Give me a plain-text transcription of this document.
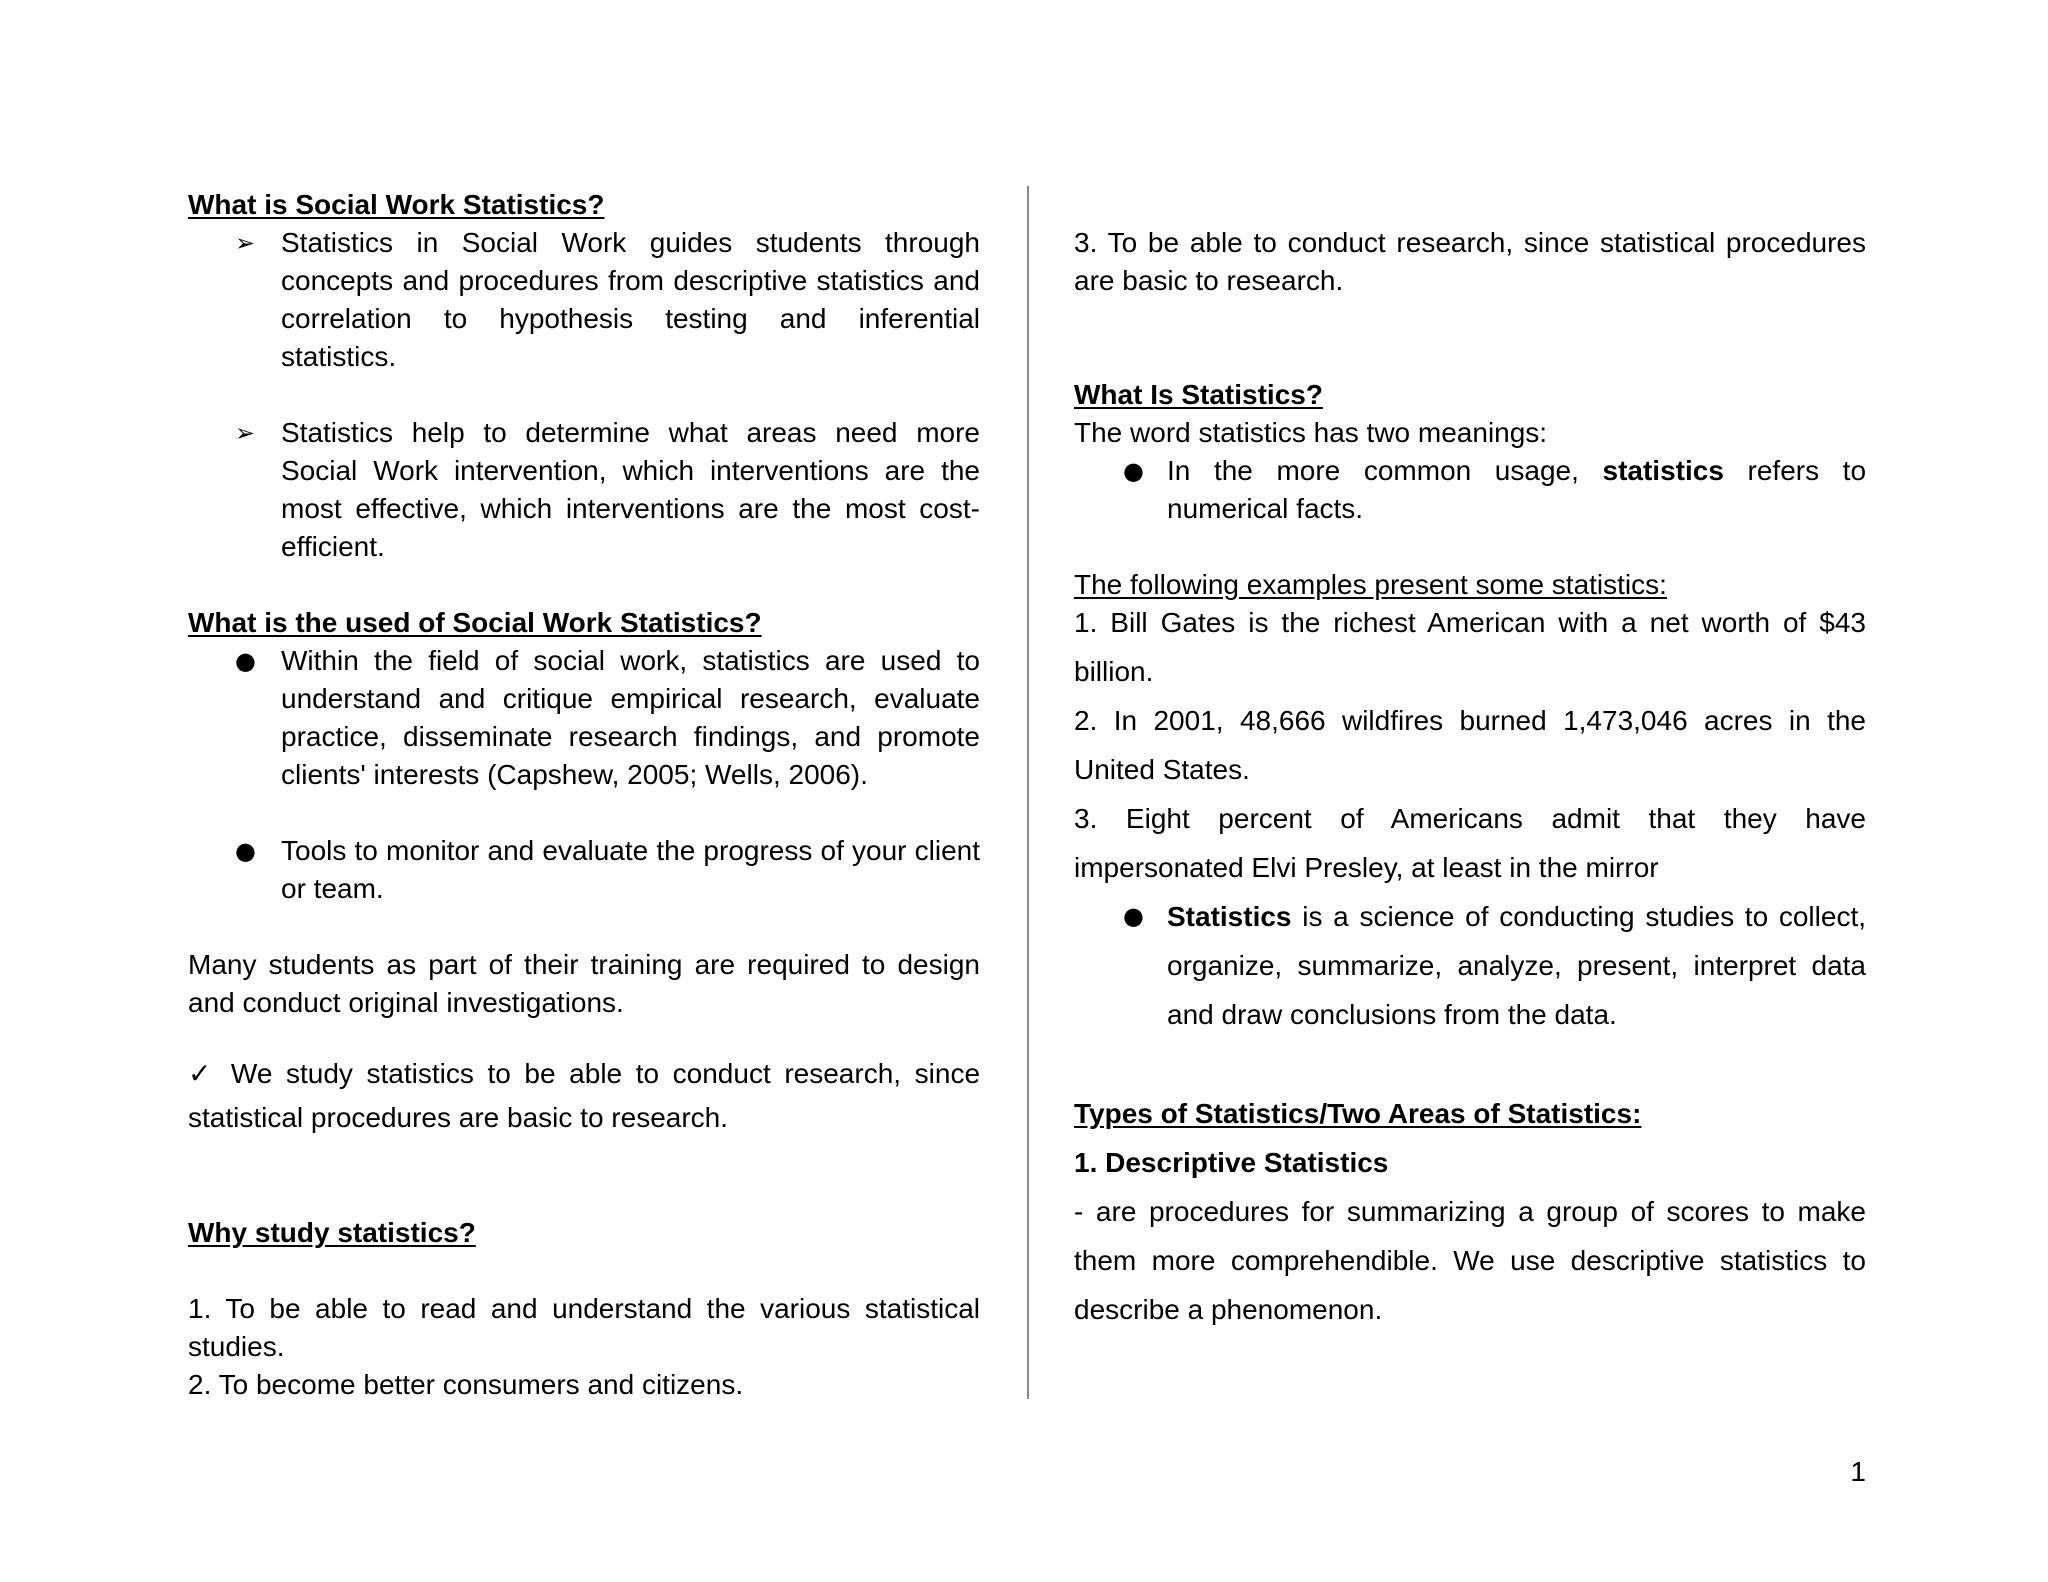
What is Social Work Statistics?
➢ Statistics in Social Work guides students through concepts and procedures from descriptive statistics and correlation to hypothesis testing and inferential statistics.
➢ Statistics help to determine what areas need more Social Work intervention, which interventions are the most effective, which interventions are the most cost-efficient.
What is the used of Social Work Statistics?
● Within the field of social work, statistics are used to understand and critique empirical research, evaluate practice, disseminate research findings, and promote clients' interests (Capshew, 2005; Wells, 2006).
● Tools to monitor and evaluate the progress of your client or team.
Many students as part of their training are required to design and conduct original investigations.
✓ We study statistics to be able to conduct research, since statistical procedures are basic to research.
Why study statistics?
1. To be able to read and understand the various statistical studies.
2. To become better consumers and citizens.
3. To be able to conduct research, since statistical procedures are basic to research.
What Is Statistics?
The word statistics has two meanings:
● In the more common usage, statistics refers to numerical facts.
The following examples present some statistics:
1. Bill Gates is the richest American with a net worth of $43 billion.
2. In 2001, 48,666 wildfires burned 1,473,046 acres in the United States.
3. Eight percent of Americans admit that they have impersonated Elvi Presley, at least in the mirror
● Statistics is a science of conducting studies to collect, organize, summarize, analyze, present, interpret data and draw conclusions from the data.
Types of Statistics/Two Areas of Statistics:
1. Descriptive Statistics
- are procedures for summarizing a group of scores to make them more comprehendible. We use descriptive statistics to describe a phenomenon.
1
